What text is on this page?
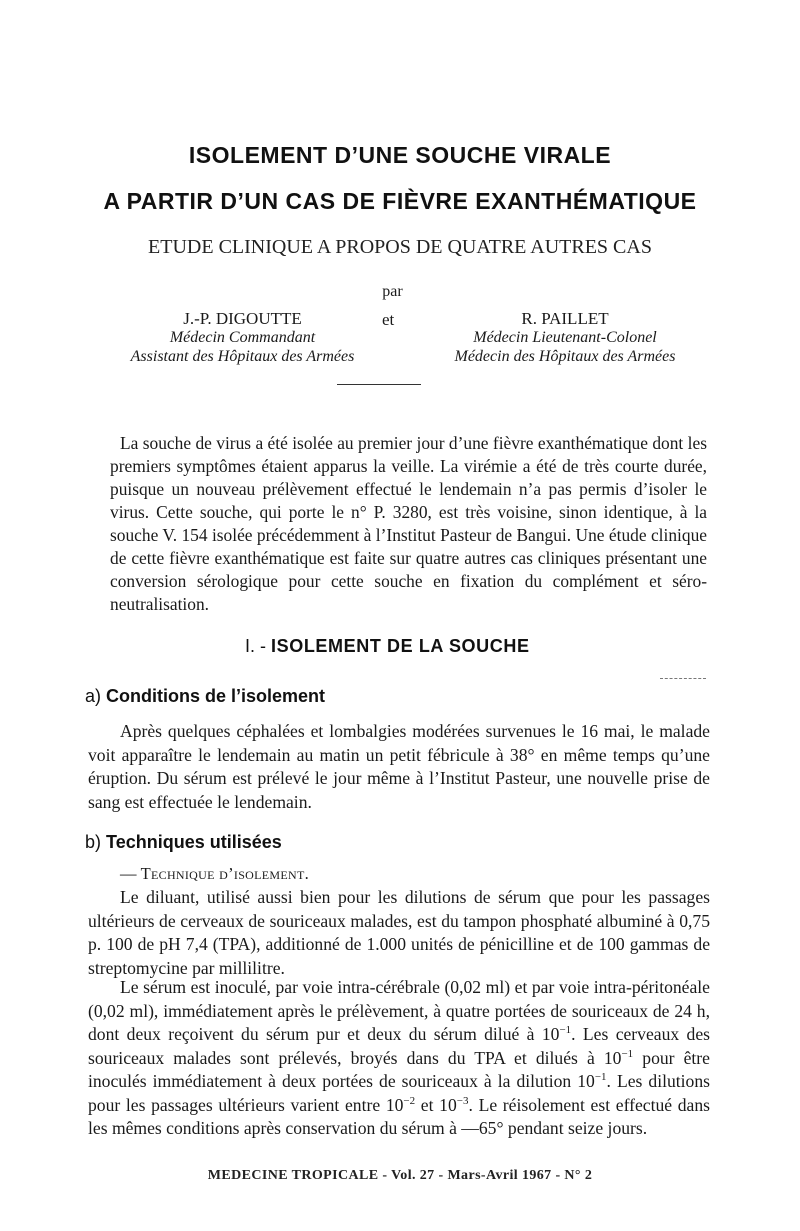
ISOLEMENT D’UNE SOUCHE VIRALE
A PARTIR D’UN CAS DE FIÈVRE EXANTHÉMATIQUE
ETUDE CLINIQUE A PROPOS DE QUATRE AUTRES CAS
par
J.-P. DIGOUTTE
Médecin Commandant
Assistant des Hôpitaux des Armées
et	R. PAILLET
Médecin Lieutenant-Colonel
Médecin des Hôpitaux des Armées

La souche de virus a été isolée au premier jour d’une fièvre exanthématique dont les premiers symptômes étaient apparus la veille. La virémie a été de très courte durée, puisque un nouveau prélèvement effectué le lendemain n’a pas permis d’isoler le virus. Cette souche, qui porte le n° P. 3280, est très voisine, sinon identique, à la souche V. 154 isolée précédemment à l’Institut Pasteur de Bangui. Une étude clinique de cette fièvre exanthématique est faite sur quatre autres cas cliniques présentant une conversion sérologique pour cette souche en fixation du complément et séro-neutralisation.

I. - ISOLEMENT DE LA SOUCHE
a) Conditions de l’isolement

Après quelques céphalées et lombalgies modérées survenues le 16 mai, le malade voit apparaître le lendemain au matin un petit fébricule à 38° en même temps qu’une éruption. Du sérum est prélevé le jour même à l’Institut Pasteur, une nouvelle prise de sang est effectuée le lendemain.

b) Techniques utilisées
— Technique d’isolement.

Le diluant, utilisé aussi bien pour les dilutions de sérum que pour les passages ultérieurs de cerveaux de souriceaux malades, est du tampon phosphaté albuminé à 0,75 p. 100 de pH 7,4 (TPA), additionné de 1.000 unités de pénicilline et de 100 gammas de streptomycine par millilitre.

Le sérum est inoculé, par voie intra-cérébrale (0,02 ml) et par voie intra-péritonéale (0,02 ml), immédiatement après le prélèvement, à quatre portées de souriceaux de 24 h, dont deux reçoivent du sérum pur et deux du sérum dilué à $10^{-1}$. Les cerveaux des souriceaux malades sont prélevés, broyés dans du TPA et dilués à $10^{-1}$ pour être inoculés immédiatement à deux portées de souriceaux à la dilution $10^{-1}$. Les dilutions pour les passages ultérieurs varient entre $10^{-2}$ et $10^{-3}$. Le réisolement est effectué dans les mêmes conditions après conservation du sérum à —65° pendant seize jours.

MEDECINE TROPICALE - Vol. 27 - Mars-Avril 1967 - N° 2
